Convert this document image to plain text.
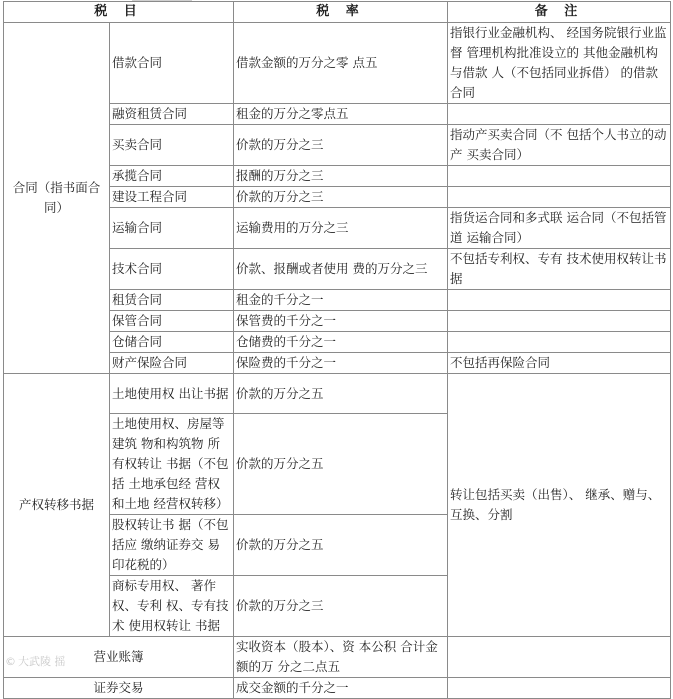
税 目		税 率	备 注
合同（指书面合同）	借款合同	借款金额的万分之零 点五	指银行业金融机构、 经国务院银行业监督 管理机构批准设立的 其他金融机构与借款 人（不包括同业拆借） 的借款合同
	融资租赁合同	租金的万分之零点五	
	买卖合同	价款的万分之三	指动产买卖合同（不 包括个人书立的动产 买卖合同）
	承揽合同	报酬的万分之三	
	建设工程合同	价款的万分之三	
	运输合同	运输费用的万分之三	指货运合同和多式联 运合同（不包括管道 运输合同）
	技术合同	价款、报酬或者使用 费的万分之三	不包括专利权、专有 技术使用权转让书据
	租赁合同	租金的千分之一	
	保管合同	保管费的千分之一	
	仓储合同	仓储费的千分之一	
	财产保险合同	保险费的千分之一	不包括再保险合同
产权转移书据	土地使用权 出让书据	价款的万分之五	转让包括买卖（出售）、 继承、赠与、互换、分割
	土地使用权、房屋等建筑 物和构筑物 所有权转让 书据（不包括 土地承包经 营权和土地 经营权转移）	价款的万分之五	
	股权转让书 据（不包括应 缴纳证券交 易印花税的）	价款的万分之五	
	商标专用权、 著作权、专利 权、专有技术 使用权转让 书据	价款的万分之三	
营业账簿		实收资本（股本）、资 本公积 合计金额的万 分之二点五	
证券交易		成交金额的千分之一	
© 大武陵 摇
